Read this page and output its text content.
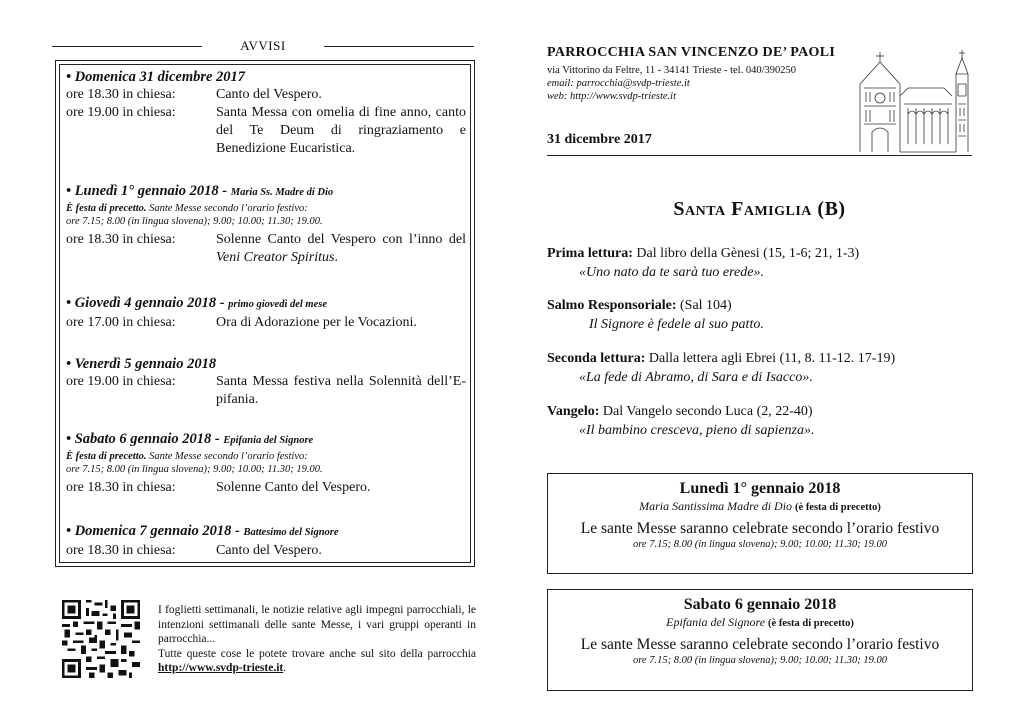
AVVISI
• Domenica 31 dicembre 2017
ore 18.30 in chiesa:	Canto del Vespero.
ore 19.00 in chiesa:	Santa Messa con omelia di fine anno, canto del Te Deum di ringraziamento e Benedizione Eucaristica.
• Lunedì 1° gennaio 2018 - Maria Ss. Madre di Dio
È festa di precetto. Sante Messe secondo l’orario festivo:
ore 7.15; 8.00 (in lingua slovena); 9.00; 10.00; 11.30; 19.00.
ore 18.30 in chiesa:	Solenne Canto del Vespero con l’inno del Veni Creator Spiritus.
• Giovedì 4 gennaio 2018 - primo giovedì del mese
ore 17.00 in chiesa:	Ora di Adorazione per le Vocazioni.
• Venerdì 5 gennaio 2018
ore 19.00 in chiesa:	Santa Messa festiva nella Solennità dell’E-pifania.
• Sabato 6 gennaio 2018 - Epifania del Signore
È festa di precetto. Sante Messe secondo l’orario festivo:
ore 7.15; 8.00 (in lingua slovena); 9.00; 10.00; 11.30; 19.00.
ore 18.30 in chiesa:	Solenne Canto del Vespero.
• Domenica 7 gennaio 2018 - Battesimo del Signore
ore 18.30 in chiesa:	Canto del Vespero.
I foglietti settimanali, le notizie relative agli impegni parrocchiali, le intenzioni settimanali delle sante Messe, i vari gruppi operanti in parrocchia...
Tutte queste cose le potete trovare anche sul sito della parrocchia http://www.svdp-trieste.it.
PARROCCHIA SAN VINCENZO DE’ PAOLI
via Vittorino da Feltre, 11 - 34141 Trieste - tel. 040/390250
email: parrocchia@svdp-trieste.it
web: http://www.svdp-trieste.it
31 dicembre 2017
Santa Famiglia (B)
Prima lettura: Dal libro della Gènesi (15, 1-6; 21, 1-3)
«Uno nato da te sarà tuo erede».
Salmo Responsoriale: (Sal 104)
Il Signore è fedele al suo patto.
Seconda lettura: Dalla lettera agli Ebrei (11, 8. 11-12. 17-19)
«La fede di Abramo, di Sara e di Isacco».
Vangelo: Dal Vangelo secondo Luca (2, 22-40)
«Il bambino cresceva, pieno di sapienza».
Lunedì 1° gennaio 2018
Maria Santissima Madre di Dio (è festa di precetto)
Le sante Messe saranno celebrate secondo l’orario festivo
ore 7.15; 8.00 (in lingua slovena); 9.00; 10.00; 11.30; 19.00
Sabato 6 gennaio 2018
Epifania del Signore (è festa di precetto)
Le sante Messe saranno celebrate secondo l’orario festivo
ore 7.15; 8.00 (in lingua slovena); 9.00; 10.00; 11.30; 19.00
